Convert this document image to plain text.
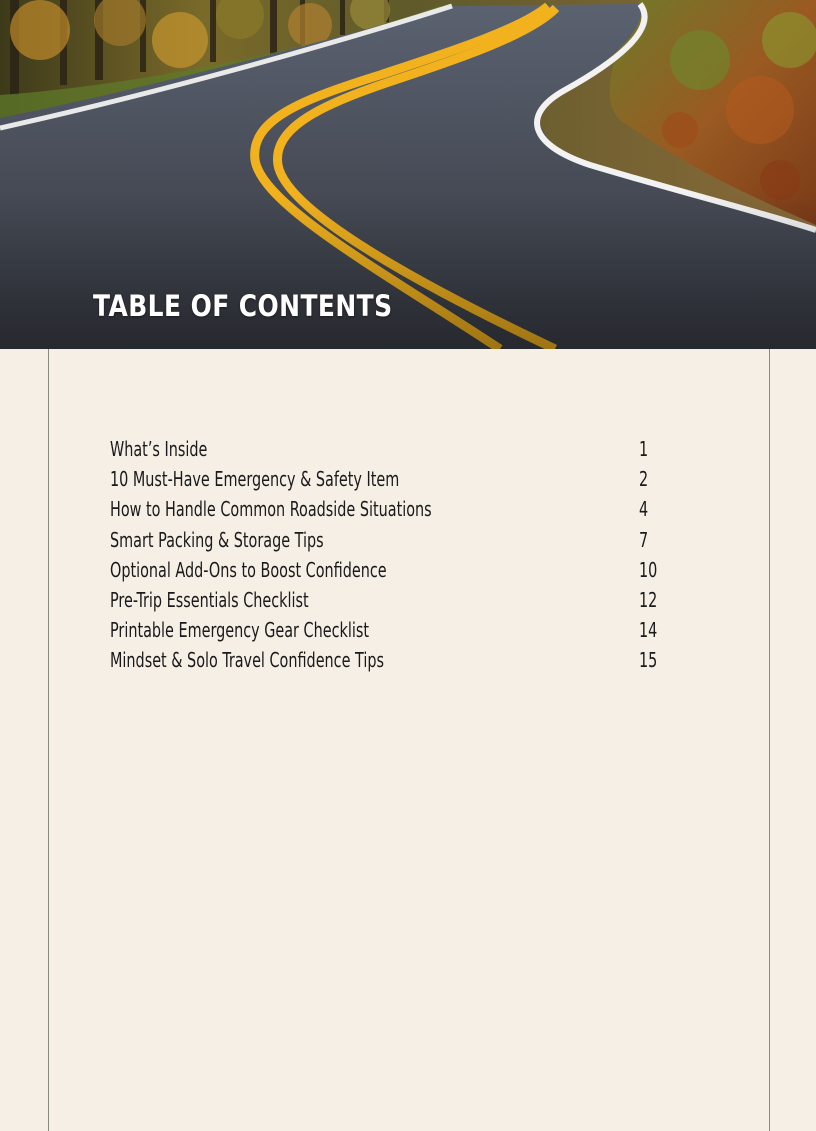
TABLE OF CONTENTS
What’s Inside	1
10 Must-Have Emergency & Safety Item	2
How to Handle Common Roadside Situations	4
Smart Packing & Storage Tips	7
Optional Add-Ons to Boost Confidence	10
Pre-Trip Essentials Checklist	12
Printable Emergency Gear Checklist	14
Mindset & Solo Travel Confidence Tips	15
